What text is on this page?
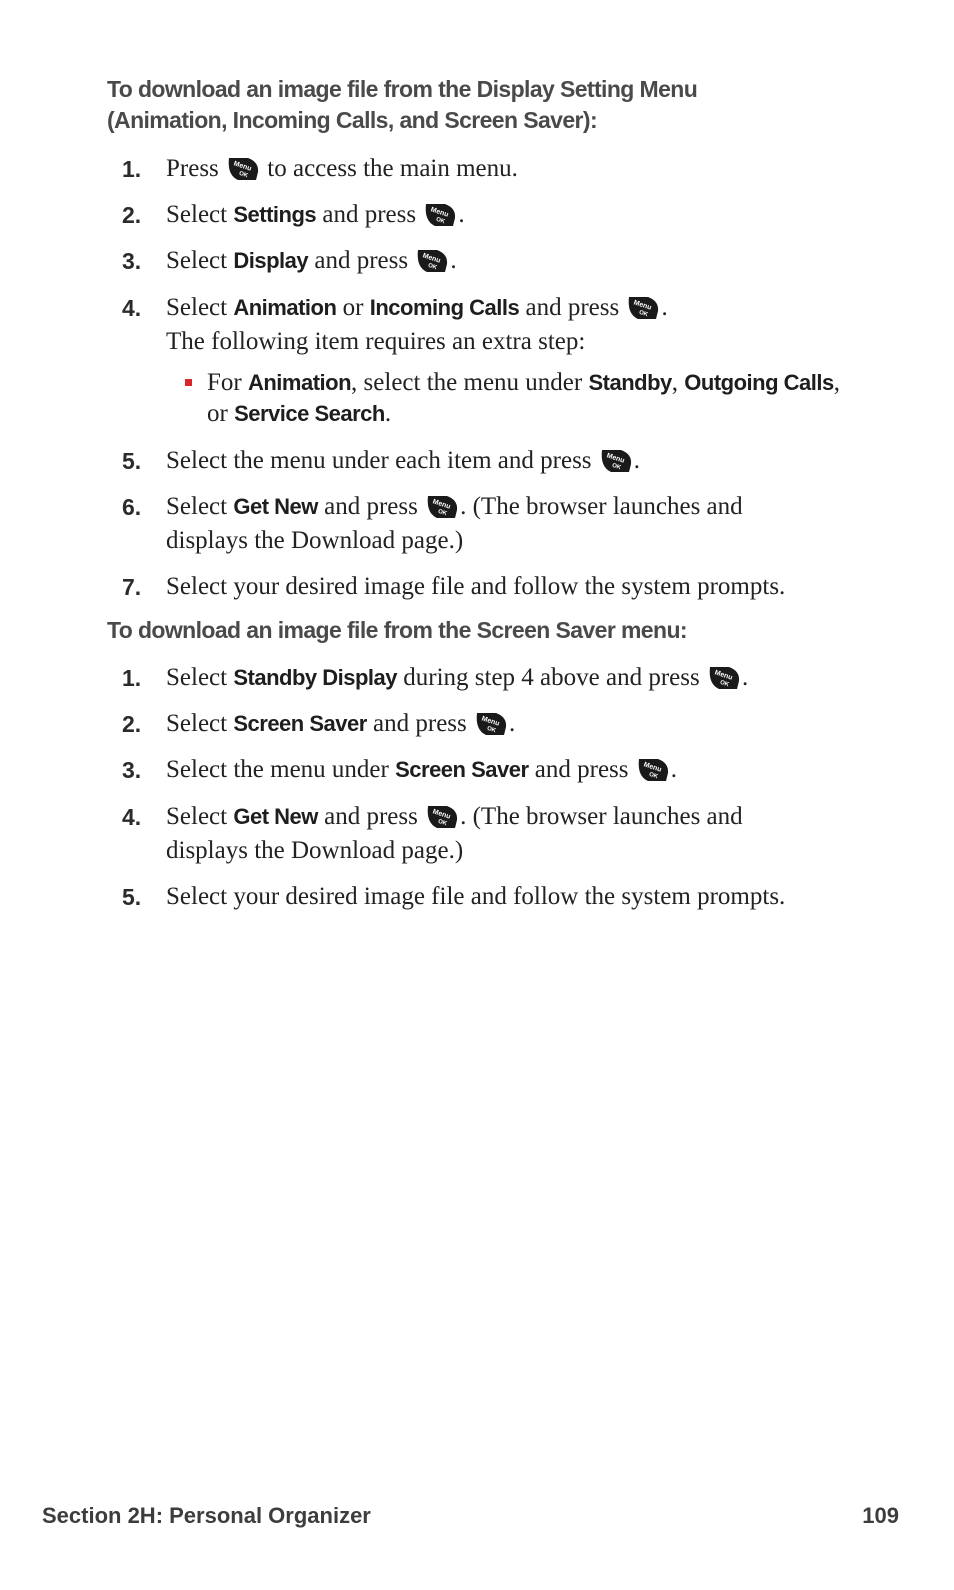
To download an image file from the Display Setting Menu
(Animation, Incoming Calls, and Screen Saver):
1. Press Menu
OK to access the main menu.
2. Select Settings and press Menu
OK .
3. Select Display and press Menu
OK .
4. Select Animation or Incoming Calls and press Menu
OK .
The following item requires an extra step:
For Animation, select the menu under Standby, Outgoing Calls,
or Service Search.
5. Select the menu under each item and press Menu
OK .
6. Select Get New and press Menu
OK . (The browser launches and
displays the Download page.)
7. Select your desired image file and follow the system prompts.
To download an image file from the Screen Saver menu:
1. Select Standby Display during step 4 above and press Menu
OK .
2. Select Screen Saver and press Menu
OK .
3. Select the menu under Screen Saver and press Menu
OK .
4. Select Get New and press Menu
OK . (The browser launches and
displays the Download page.)
5. Select your desired image file and follow the system prompts.
Section 2H: Personal Organizer	109
